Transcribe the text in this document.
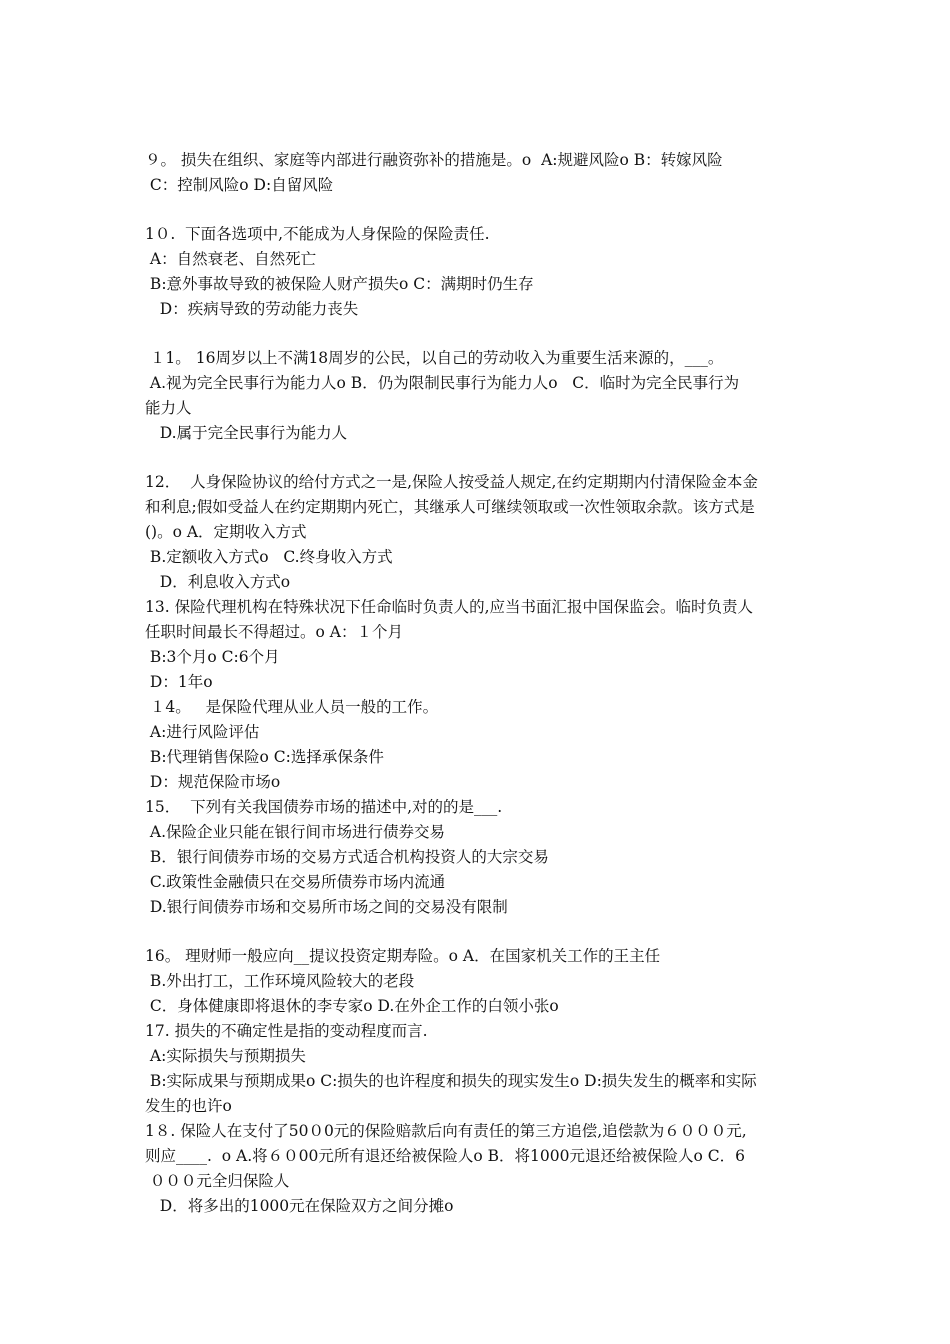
９。 损失在组织、家庭等内部进行融资弥补的措施是。ο  A:规避风险ο B：转嫁风险
C：控制风险ο D:自留风险
1０.  下面各选项中,不能成为人身保险的保险责任.
A：自然衰老、自然死亡
B:意外事故导致的被保险人财产损失ο C：满期时仍生存
D：疾病导致的劳动能力丧失
１1。 16周岁以上不满18周岁的公民，以自己的劳动收入为重要生活来源的，___。
A.视为完全民事行为能力人ο B．仍为限制民事行为能力人ο   C．临时为完全民事行为
能力人
D.属于完全民事行为能力人
12．  人身保险协议的给付方式之一是,保险人按受益人规定,在约定期期内付清保险金本金
和利息;假如受益人在约定期期内死亡，其继承人可继续领取或一次性领取余款。该方式是
()。ο A．定期收入方式
B.定额收入方式ο   C.终身收入方式
D．利息收入方式ο
13. 保险代理机构在特殊状况下任命临时负责人的,应当书面汇报中国保监会。临时负责人
任职时间最长不得超过。ο A：１个月
B:3个月ο C:6个月
D：1年ο
１4。   是保险代理从业人员一般的工作。
A:进行风险评估
B:代理销售保险ο C:选择承保条件
D：规范保险市场ο
15．  下列有关我国债券市场的描述中,对的的是___.
A.保险企业只能在银行间市场进行债券交易
B．银行间债券市场的交易方式适合机构投资人的大宗交易
C.政策性金融债只在交易所债券市场内流通
D.银行间债券市场和交易所市场之间的交易没有限制
16。 理财师一般应向__提议投资定期寿险。ο A．在国家机关工作的王主任
B.外出打工，工作环境风险较大的老段
C．身体健康即将退休的李专家ο D.在外企工作的白领小张ο
17. 损失的不确定性是指的变动程度而言.
A:实际损失与预期损失
B:实际成果与预期成果ο C:损失的也许程度和损失的现实发生ο D:损失发生的概率和实际
发生的也许ο
1８. 保险人在支付了50０0元的保险赔款后向有责任的第三方追偿,追偿款为６０００元,
则应____.  ο A.将６０00元所有退还给被保险人ο B．将1000元退还给被保险人ο C．6
０００元全归保险人
D．将多出的1000元在保险双方之间分摊ο
